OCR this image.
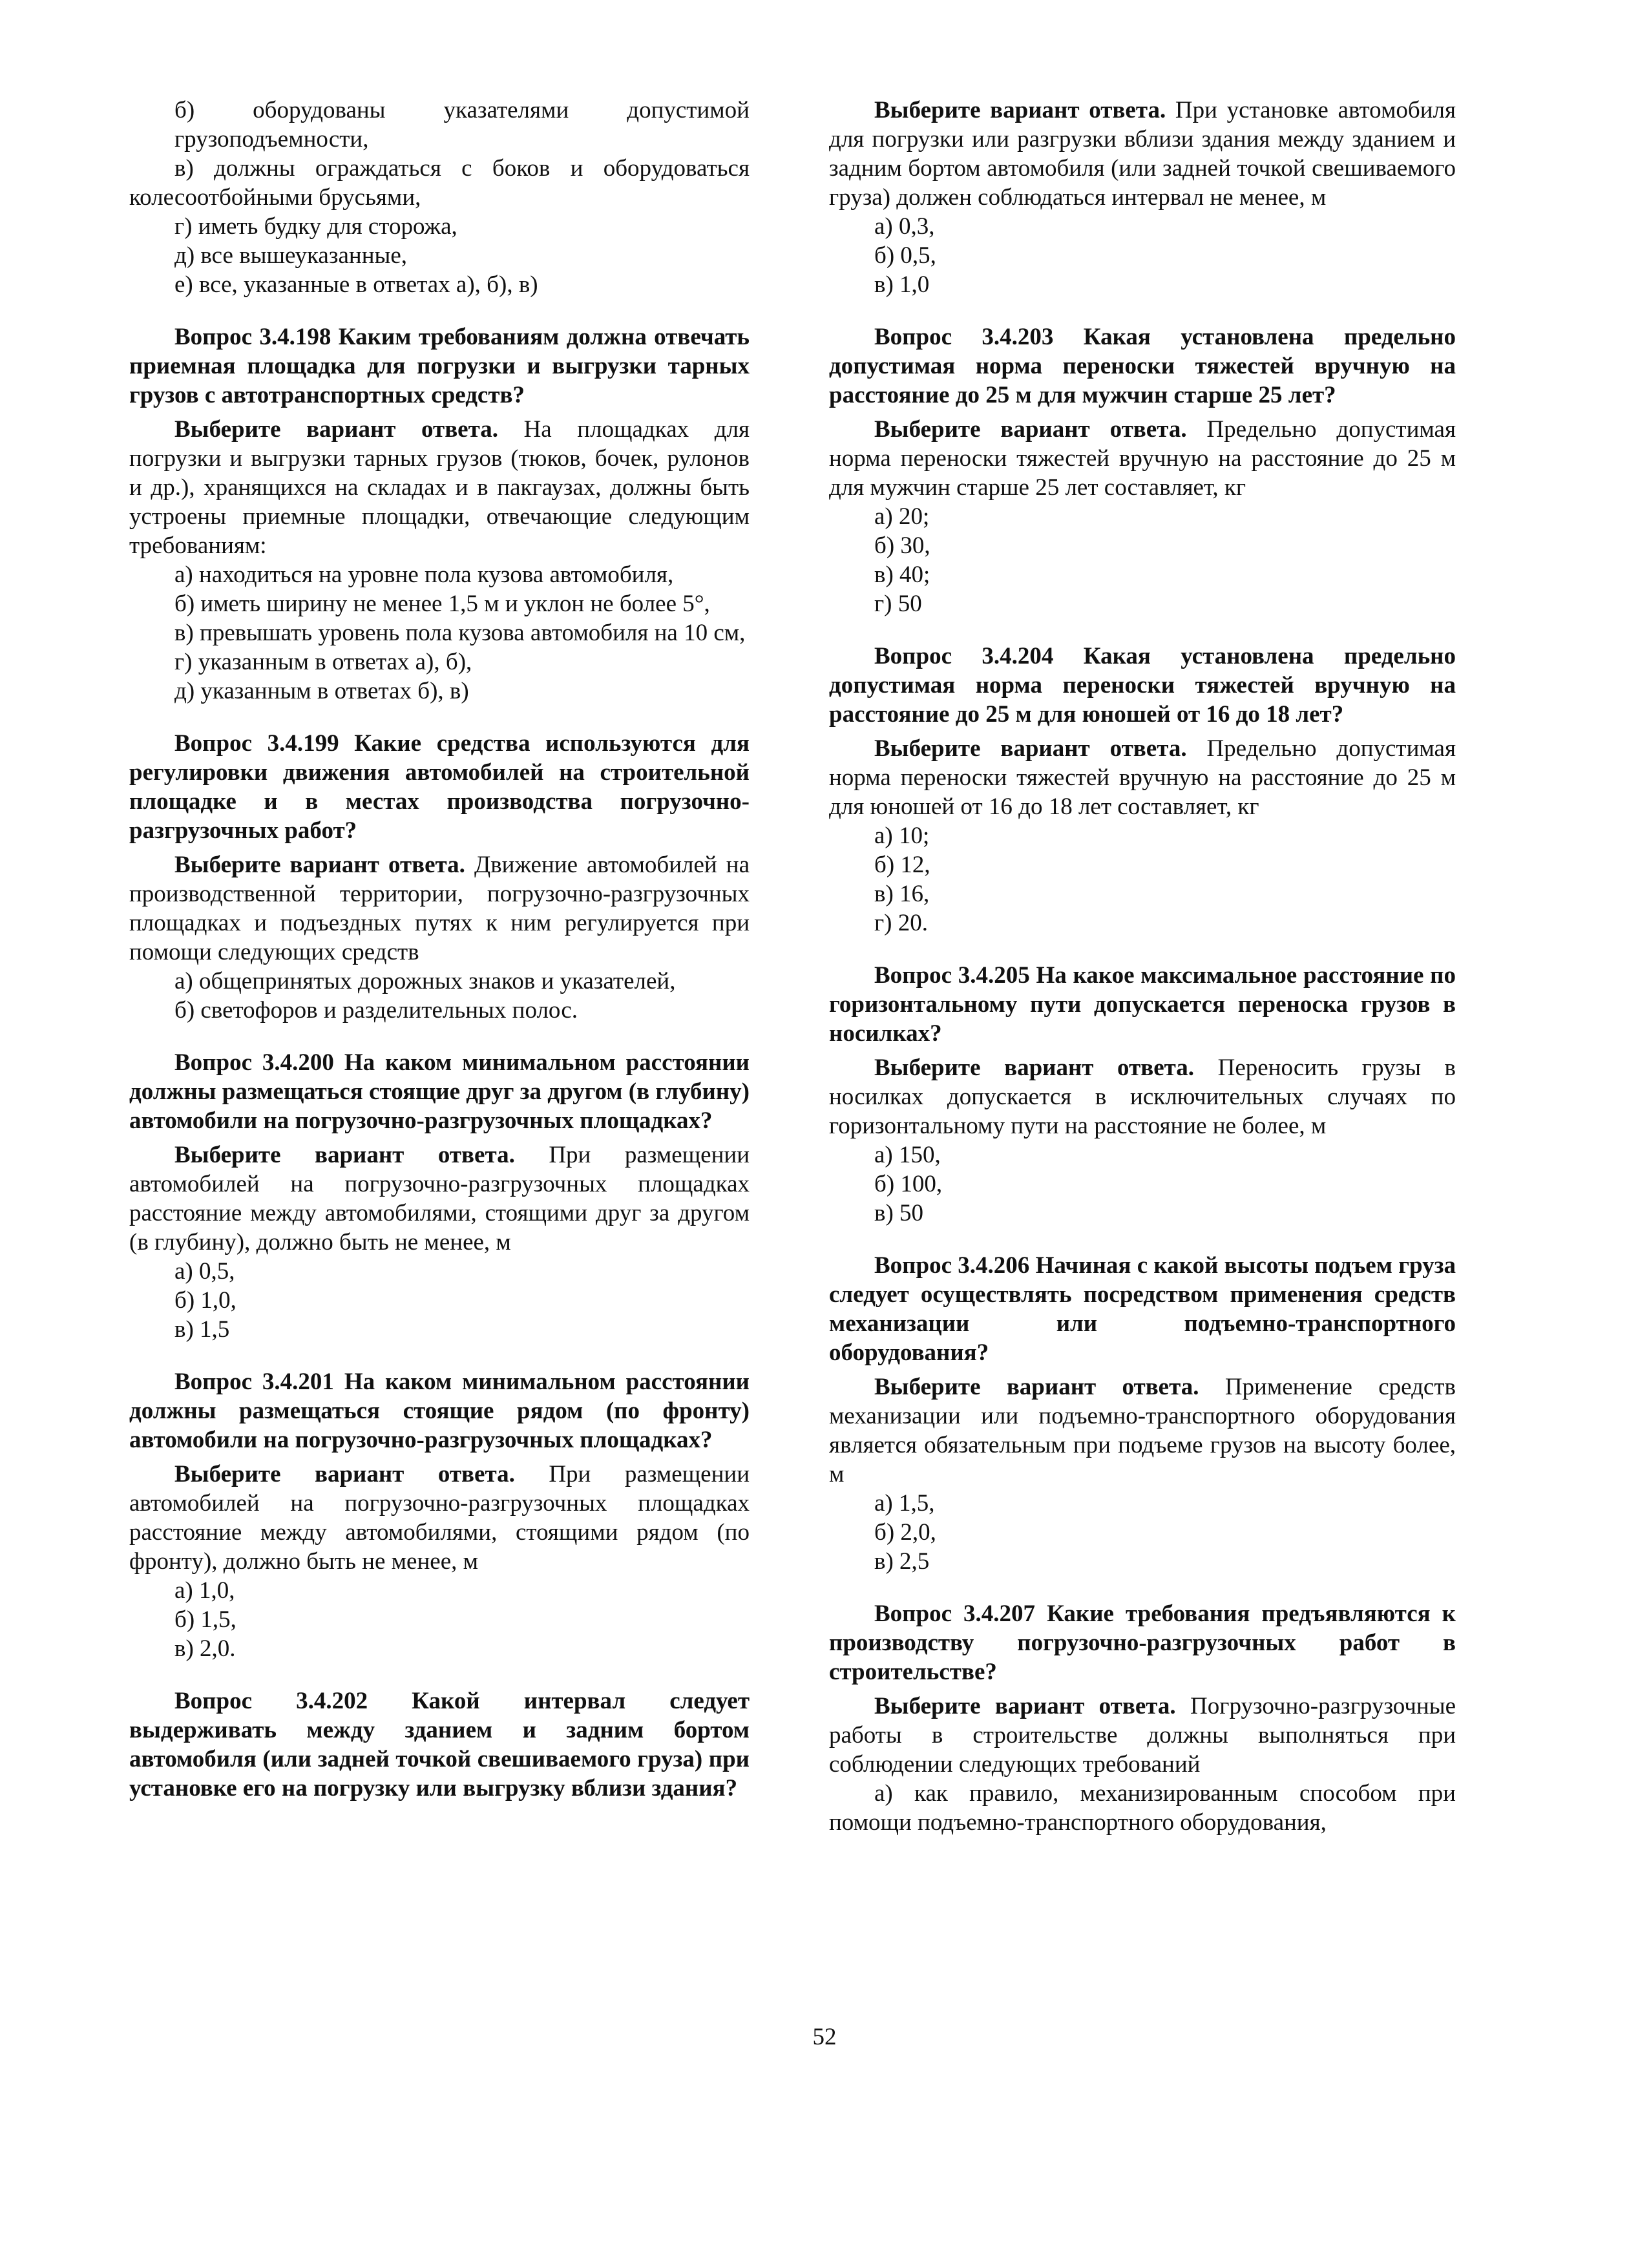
б) оборудованы указателями допустимой грузоподъемности,

в) должны ограждаться с боков и оборудоваться колесоотбойными брусьями,

г) иметь будку для сторожа,

д) все вышеуказанные,

е) все, указанные в ответах а), б), в)

Вопрос 3.4.198 Каким требованиям должна отвечать приемная площадка для погрузки и выгрузки тарных грузов с автотранспортных средств?

Выберите вариант ответа. На площадках для погрузки и выгрузки тарных грузов (тюков, бочек, рулонов и др.), хранящихся на складах и в пакгаузах, должны быть устроены приемные площадки, отвечающие следующим требованиям:

а) находиться на уровне пола кузова автомобиля,

б) иметь ширину не менее 1,5 м и уклон не более 5°,

в) превышать уровень пола кузова автомобиля на 10 см,

г) указанным в ответах а), б),

д) указанным в ответах б), в)

Вопрос 3.4.199 Какие средства используются для регулировки движения автомобилей на строительной площадке и в местах производства погрузочно-разгрузочных работ?

Выберите вариант ответа. Движение автомобилей на производственной территории, погрузочно-разгрузочных площадках и подъездных путях к ним регулируется при помощи следующих средств

а) общепринятых дорожных знаков и указателей,

б) светофоров и разделительных полос.

Вопрос 3.4.200 На каком минимальном расстоянии должны размещаться стоящие друг за другом (в глубину) автомобили на погрузочно-разгрузочных площадках?

Выберите вариант ответа. При размещении автомобилей на погрузочно-разгрузочных площадках расстояние между автомобилями, стоящими друг за другом (в глубину), должно быть не менее, м

а) 0,5,

б) 1,0,

в) 1,5

Вопрос 3.4.201 На каком минимальном расстоянии должны размещаться стоящие рядом (по фронту) автомобили на погрузочно-разгрузочных площадках?

Выберите вариант ответа. При размещении автомобилей на погрузочно-разгрузочных площадках расстояние между автомобилями, стоящими рядом (по фронту), должно быть не менее, м

а) 1,0,

б) 1,5,

в) 2,0.

Вопрос 3.4.202 Какой интервал следует выдерживать между зданием и задним бортом автомобиля (или задней точкой свешиваемого груза) при установке его на погрузку или выгрузку вблизи здания?

Выберите вариант ответа. При установке автомобиля для погрузки или разгрузки вблизи здания между зданием и задним бортом автомобиля (или задней точкой свешиваемого груза) должен соблюдаться интервал не менее, м

а) 0,3,

б) 0,5,

в) 1,0

Вопрос 3.4.203 Какая установлена предельно допустимая норма переноски тяжестей вручную на расстояние до 25 м для мужчин старше 25 лет?

Выберите вариант ответа. Предельно допустимая норма переноски тяжестей вручную на расстояние до 25 м для мужчин старше 25 лет составляет, кг

а) 20;

б) 30,

в) 40;

г) 50

Вопрос 3.4.204 Какая установлена предельно допустимая норма переноски тяжестей вручную на расстояние до 25 м для юношей от 16 до 18 лет?

Выберите вариант ответа. Предельно допустимая норма переноски тяжестей вручную на расстояние до 25 м для юношей от 16 до 18 лет составляет, кг

а) 10;

б) 12,

в) 16,

г) 20.

Вопрос 3.4.205 На какое максимальное расстояние по горизонтальному пути допускается переноска грузов в носилках?

Выберите вариант ответа. Переносить грузы в носилках допускается в исключительных случаях по горизонтальному пути на расстояние не более, м

а) 150,

б) 100,

в) 50

Вопрос 3.4.206 Начиная с какой высоты подъем груза следует осуществлять посредством применения средств механизации или подъемно-транспортного оборудования?

Выберите вариант ответа. Применение средств механизации или подъемно-транспортного оборудования является обязательным при подъеме грузов на высоту более, м

а) 1,5,

б) 2,0,

в) 2,5

Вопрос 3.4.207 Какие требования предъявляются к производству погрузочно-разгрузочных работ в строительстве?

Выберите вариант ответа. Погрузочно-разгрузочные работы в строительстве должны выполняться при соблюдении следующих требований

а) как правило, механизированным способом при помощи подъемно-транспортного оборудования,

52
